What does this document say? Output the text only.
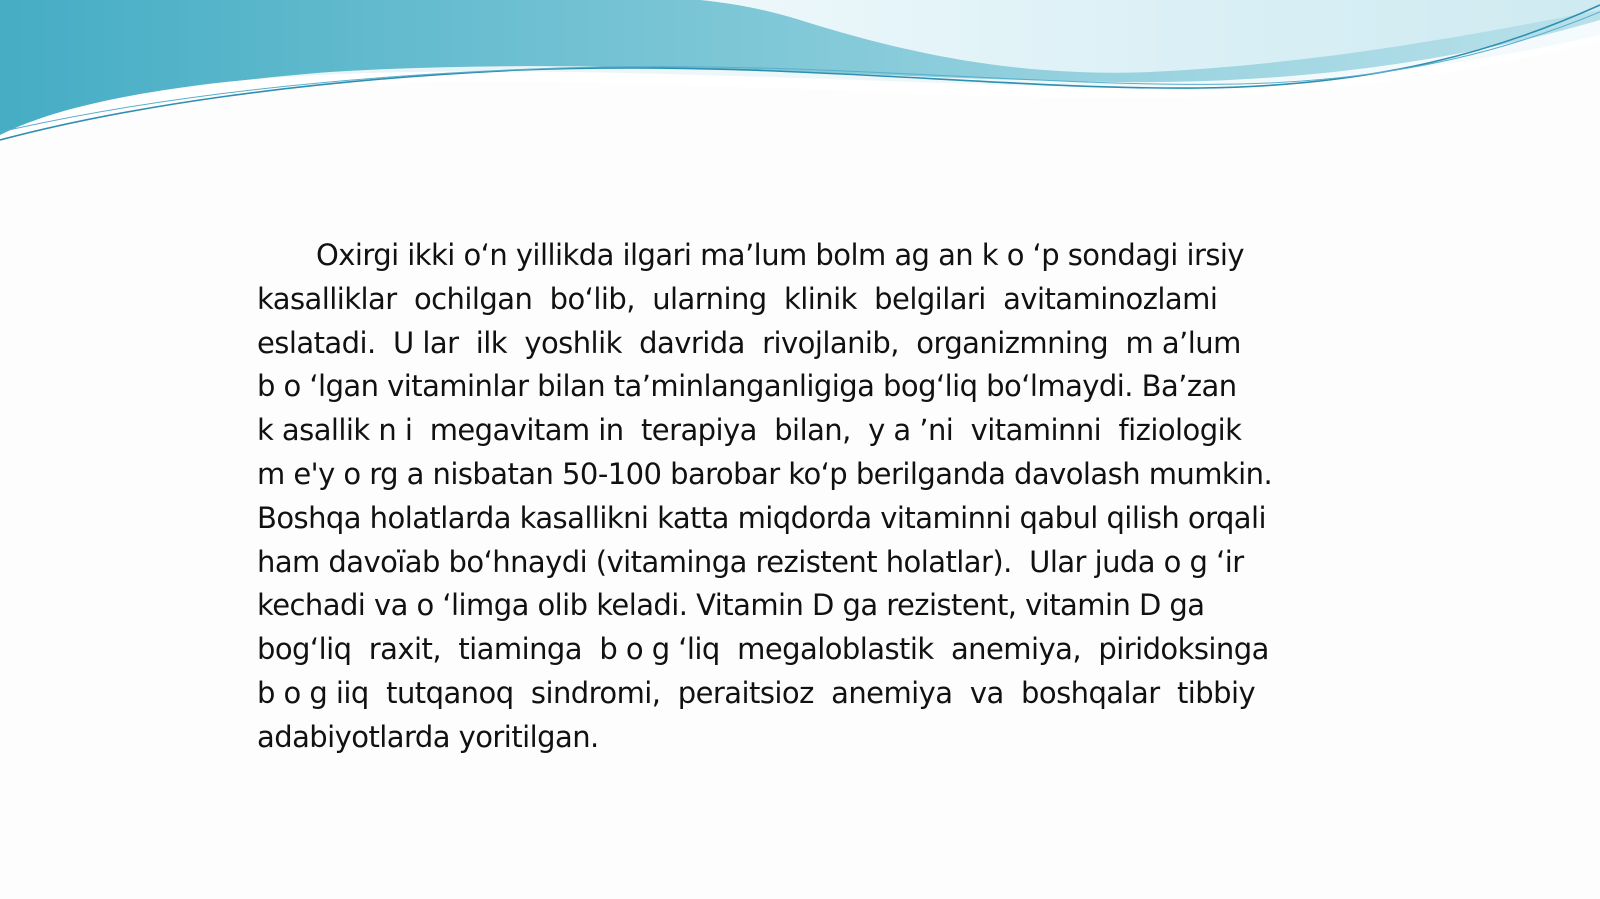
Oxirgi ikki oʻn yillikda ilgari maʼlum bolm ag an k o ʻp sondagi irsiy
kasalliklar  ochilgan  boʻlib,  ularning  klinik  belgilari  avitaminozlami
eslatadi.  U lar  ilk  yoshlik  davrida  rivojlanib,  organizmning  m aʼlum
b o ʻlgan vitaminlar bilan taʼminlanganligiga bogʻliq boʻlmaydi. Baʼzan
k asallik n i  megavitam in  terapiya  bilan,  y a ʼni  vitaminni  fiziologik
m e'y o rg a nisbatan 50-100 barobar koʻp berilganda davolash mumkin.
Boshqa holatlarda kasallikni katta miqdorda vitaminni qabul qilish orqali
ham davoïab boʻhnaydi (vitaminga rezistent holatlar).  Ular juda o g ʻir
kechadi va o ʻlimga olib keladi. Vitamin D ga rezistent, vitamin D ga
bogʻliq  raxit,  tiaminga  b o g ʻliq  megaloblastik  anemiya,  piridoksinga
b o g iiq  tutqanoq  sindromi,  peraitsioz  anemiya  va  boshqalar  tibbiy
adabiyotlarda yoritilgan.
